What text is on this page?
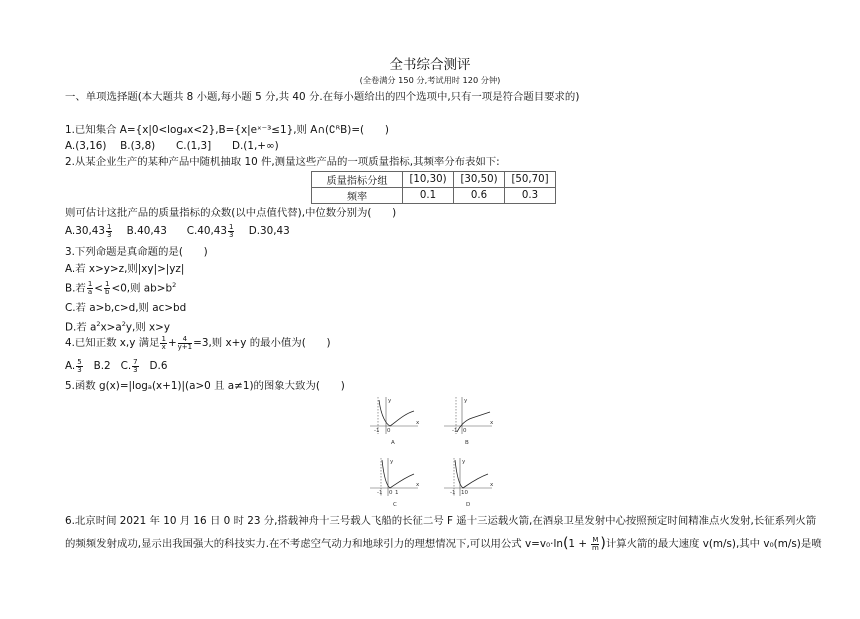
全书综合测评
(全卷满分 150 分,考试用时 120 分钟)
一、单项选择题(本大题共 8 小题,每小题 5 分,共 40 分.在每小题给出的四个选项中,只有一项是符合题目要求的)
1.已知集合 A={x|0<log₄x<2},B={x|eˣ⁻³≤1},则 A∩(∁ᴿB)=(　　)
A.(3,16)　 B.(3,8)　　C.(1,3]　　D.(1,+∞)
2.从某企业生产的某种产品中随机抽取 10 件,测量这些产品的一项质量指标,其频率分布表如下:
质量指标分组	[10,30)	[30,50)	[50,70]
频率	0.1	0.6	0.3
则可估计这批产品的质量指标的众数(以中点值代替),中位数分别为(　　)
$A.30,43 \frac{1}{3} B.40,43$ $C.40,43 \frac{1}{3} D.30,43$
3.下列命题是真命题的是(　　)
A.若 x>y>z,则|xy|>|yz|
B.若 $\frac{1}{a} < \frac{1}{b} <0$,则 $ab>b^2$
C.若 a>b,c>d,则 ac>bd
D.若 $a^2x>a^2y$,则 x>y
4.已知正数 x,y 满足 $\frac{1}{x} + \frac{4}{y+1} =3$,则 x+y 的最小值为(　　)
A. $\frac{5}{3} B.2$ C. $\frac{7}{3} D.6$
5.函数 g(x)=|logₐ(x+1)|(a>0 且 a≠1)的图象大致为(　　)
-1 0
y
x
A
-1 0
y
x
B
-1 0 1
y
x
C
-1 10
y
x
D
6.北京时间 2021 年 10 月 16 日 0 时 23 分,搭载神舟十三号载人飞船的长征二号 F 遥十三运载火箭,在酒泉卫星发射中心按照预定时间精准点火发射,长征系列火箭
的频频发射成功,显示出我国强大的科技实力.在不考虑空气动力和地球引力的理想情况下,可以用公式 $v=v_0\cdot\ln(1 + \frac{M}{m}$ )计算火箭的最大速度 v(m/s),其中 v₀(m/s)是喷
